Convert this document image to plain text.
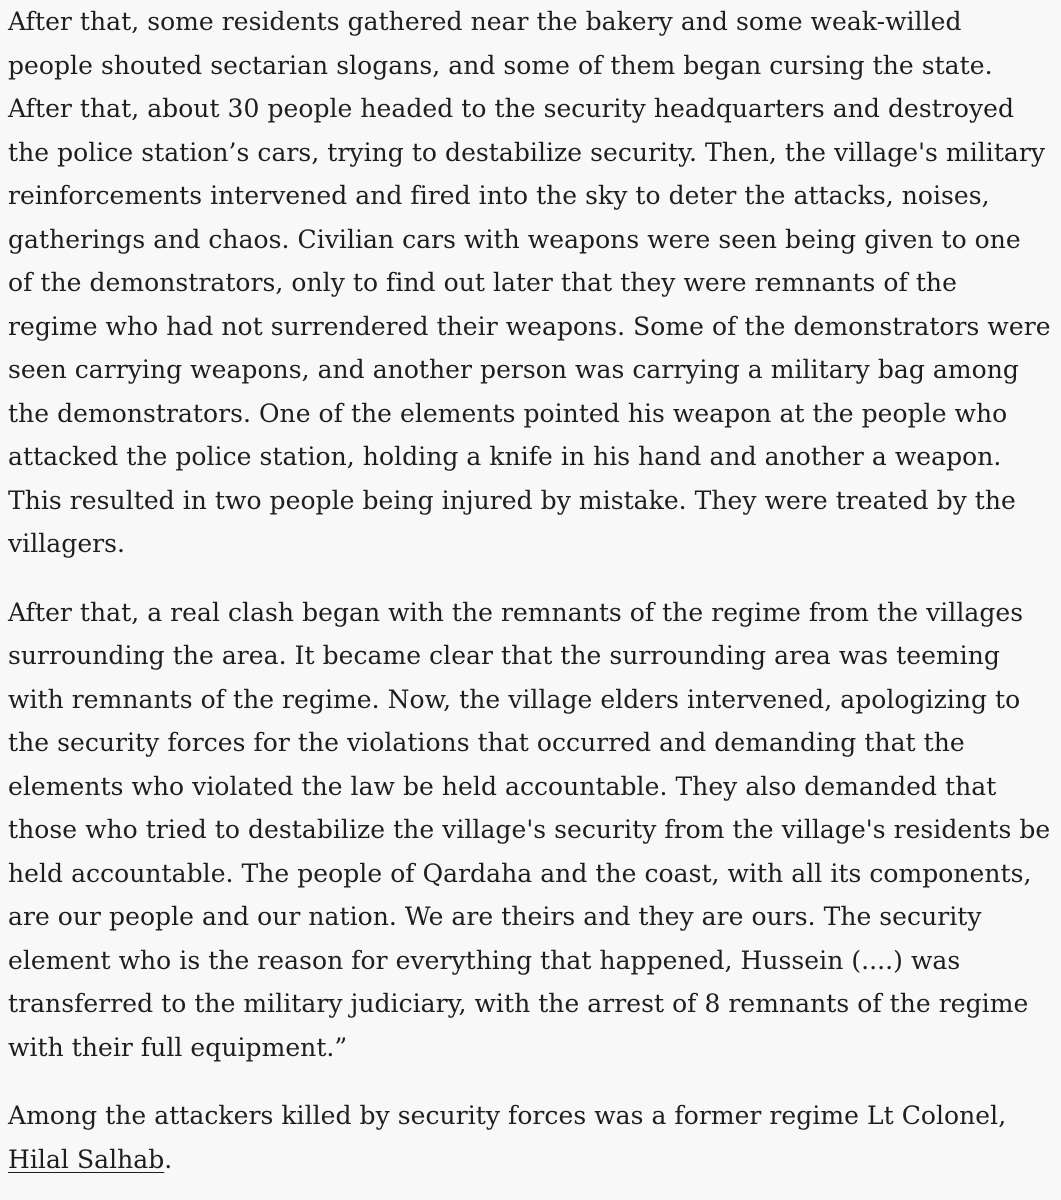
After that, some residents gathered near the bakery and some weak-willed people shouted sectarian slogans, and some of them began cursing the state. After that, about 30 people headed to the security headquarters and destroyed the police station’s cars, trying to destabilize security. Then, the village's military reinforcements intervened and fired into the sky to deter the attacks, noises, gatherings and chaos. Civilian cars with weapons were seen being given to one of the demonstrators, only to find out later that they were remnants of the regime who had not surrendered their weapons. Some of the demonstrators were seen carrying weapons, and another person was carrying a military bag among the demonstrators. One of the elements pointed his weapon at the people who attacked the police station, holding a knife in his hand and another a weapon. This resulted in two people being injured by mistake. They were treated by the villagers.

After that, a real clash began with the remnants of the regime from the villages surrounding the area. It became clear that the surrounding area was teeming with remnants of the regime. Now, the village elders intervened, apologizing to the security forces for the violations that occurred and demanding that the elements who violated the law be held accountable. They also demanded that those who tried to destabilize the village's security from the village's residents be held accountable. The people of Qardaha and the coast, with all its components, are our people and our nation. We are theirs and they are ours. The security element who is the reason for everything that happened, Hussein (....) was transferred to the military judiciary, with the arrest of 8 remnants of the regime with their full equipment.”

Among the attackers killed by security forces was a former regime Lt Colonel, Hilal Salhab.
